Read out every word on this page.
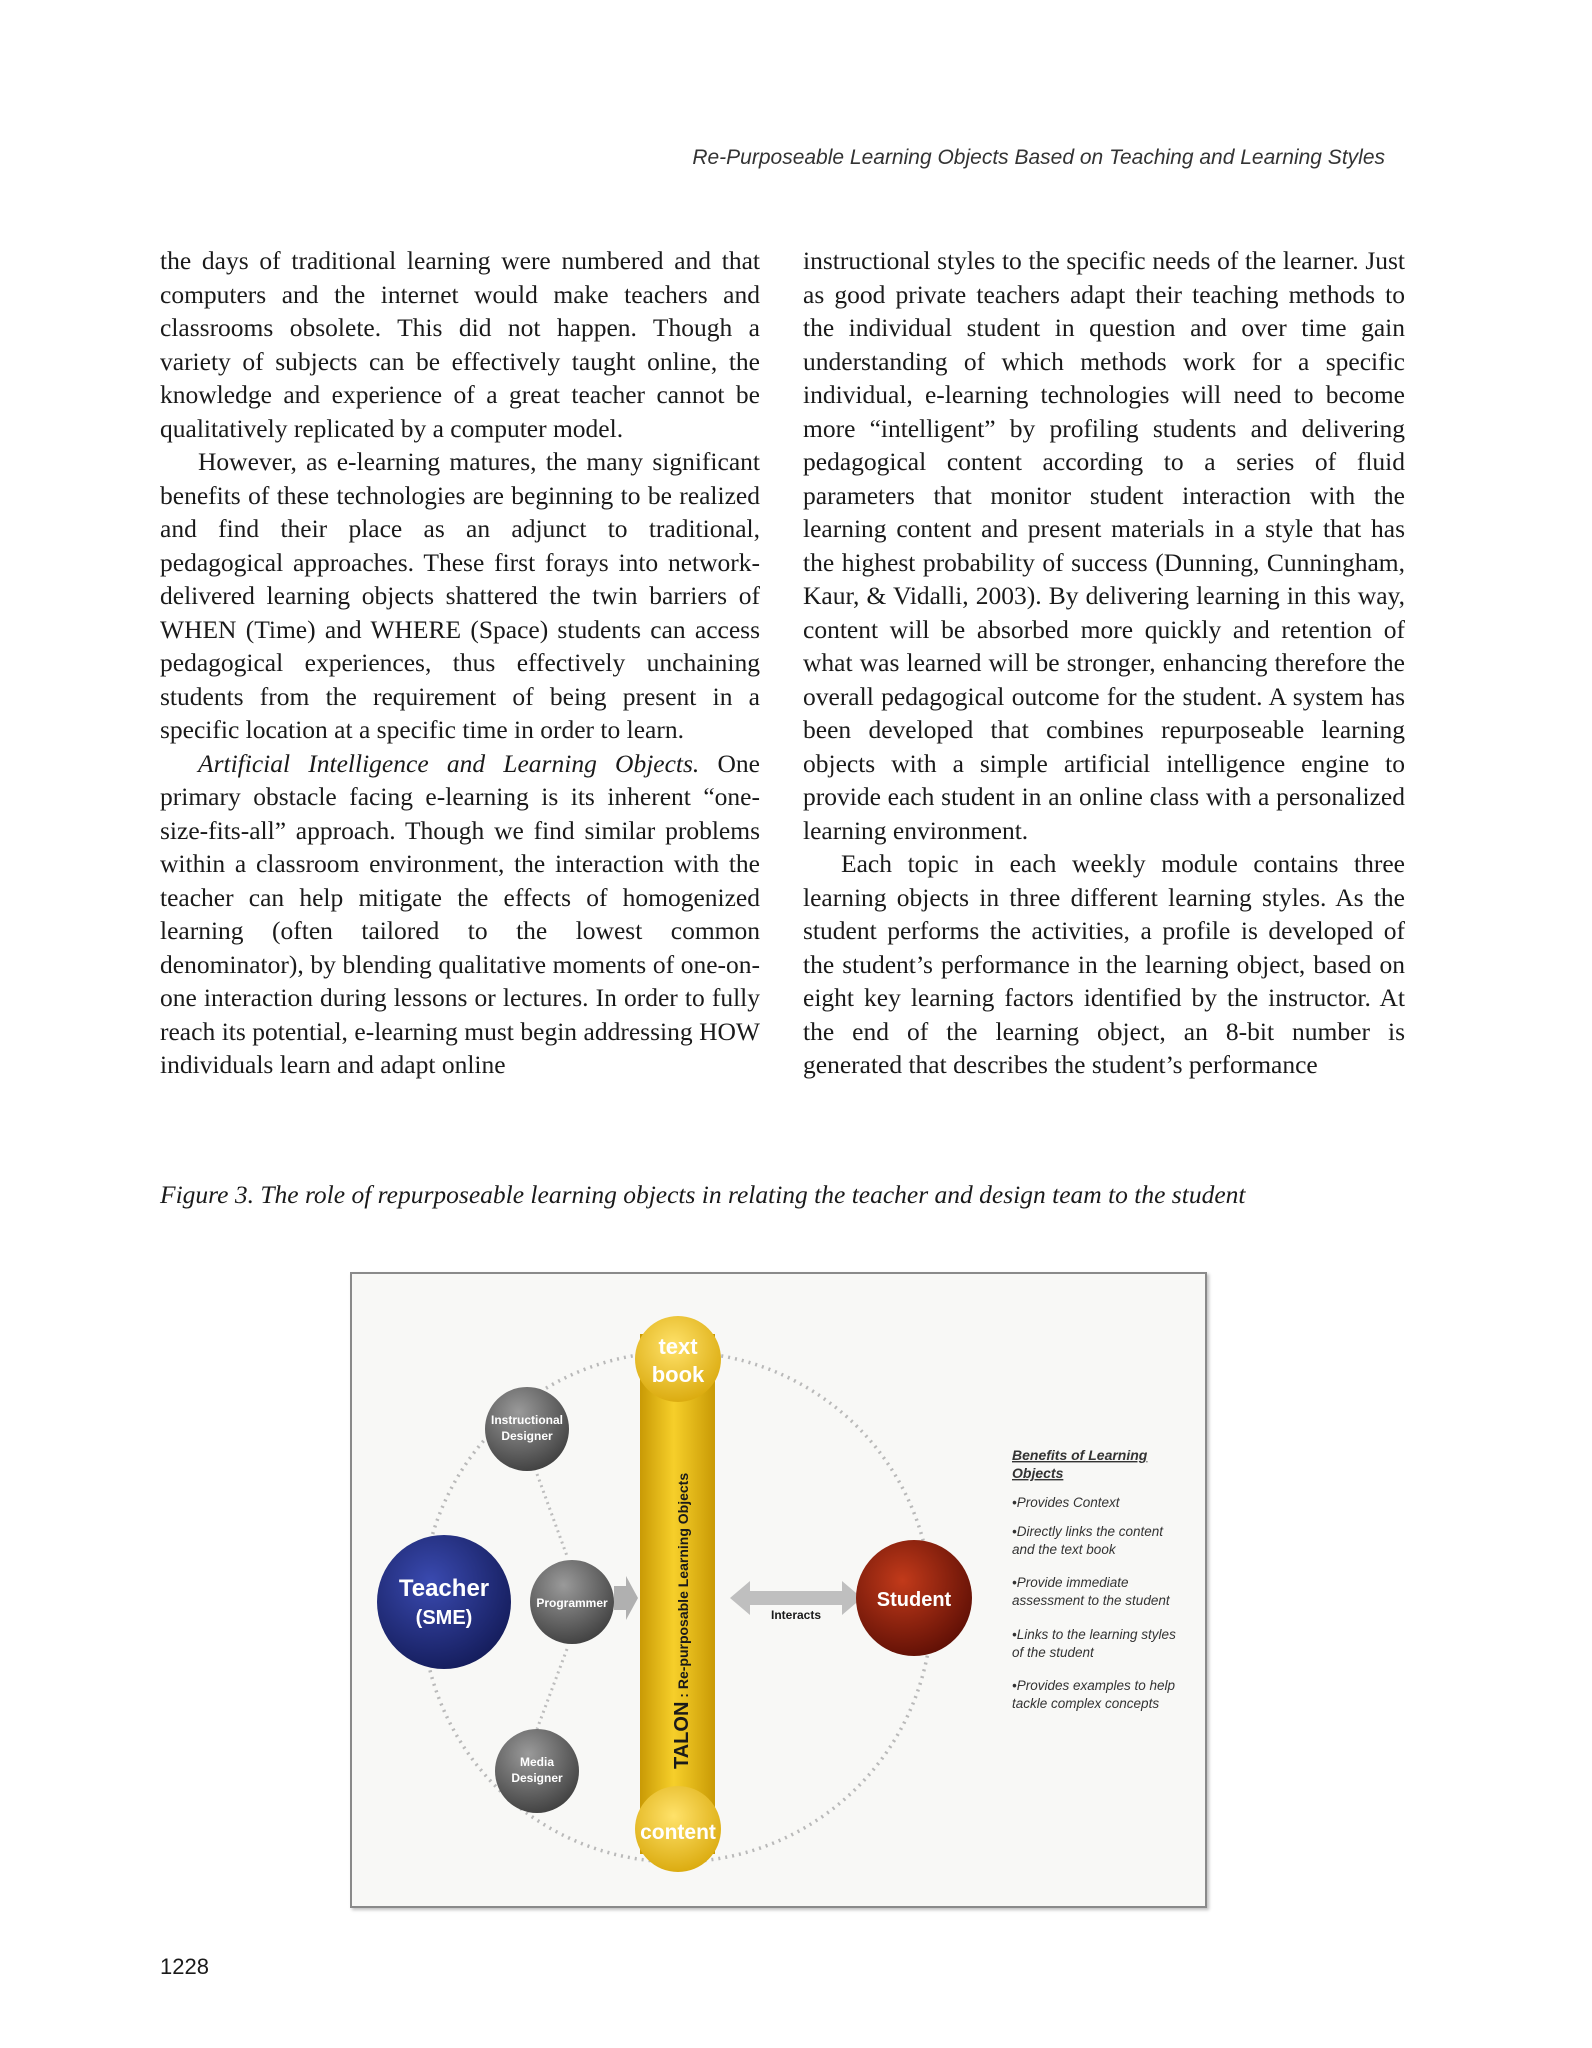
Re-Purposeable Learning Objects Based on Teaching and Learning Styles

the days of traditional learning were numbered and that computers and the internet would make teachers and classrooms obsolete. This did not happen. Though a variety of subjects can be effectively taught online, the knowledge and experience of a great teacher cannot be qualitatively replicated by a computer model.

However, as e-learning matures, the many significant benefits of these technologies are beginning to be realized and find their place as an adjunct to traditional, pedagogical approaches. These first forays into network-delivered learning objects shattered the twin barriers of WHEN (Time) and WHERE (Space) students can access pedagogical experiences, thus effectively unchaining students from the requirement of being present in a specific location at a specific time in order to learn.

Artificial Intelligence and Learning Objects. One primary obstacle facing e-learning is its inherent “one-size-fits-all” approach. Though we find similar problems within a classroom environment, the interaction with the teacher can help mitigate the effects of homogenized learning (often tailored to the lowest common denominator), by blending qualitative moments of one-on-one interaction during lessons or lectures. In order to fully reach its potential, e-learning must begin addressing HOW individuals learn and adapt online

instructional styles to the specific needs of the learner. Just as good private teachers adapt their teaching methods to the individual student in question and over time gain understanding of which methods work for a specific individual, e-learning technologies will need to become more “intelligent” by profiling students and delivering pedagogical content according to a series of fluid parameters that monitor student interaction with the learning content and present materials in a style that has the highest probability of success (Dunning, Cunningham, Kaur, & Vidalli, 2003). By delivering learning in this way, content will be absorbed more quickly and retention of what was learned will be stronger, enhancing therefore the overall pedagogical outcome for the student. A system has been developed that combines repurposeable learning objects with a simple artificial intelligence engine to provide each student in an online class with a personalized learning environment.

Each topic in each weekly module contains three learning objects in three different learning styles. As the student performs the activities, a profile is developed of the student’s performance in the learning object, based on eight key learning factors identified by the instructor. At the end of the learning object, an 8-bit number is generated that describes the student’s performance

Figure 3. The role of repurposeable learning objects in relating the teacher and design team to the student
text
book
content
TALON : Re-purposable Learning Objects
Instructional
Designer
Programmer
Media
Designer
Teacher
(SME)	Interacts
Student
Benefits of Learning
Objects
•Provides Context
•Directly links the content
and the text book
•Provide immediate
assessment to the student
•Links to the learning styles
of the student
•Provides examples to help
tackle complex concepts
1228
